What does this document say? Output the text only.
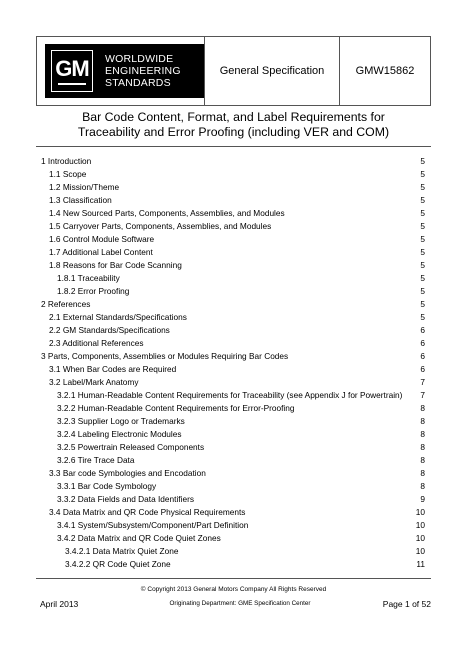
GM WORLDWIDE
ENGINEERING
STANDARDS
General Specification	GMW15862
Bar Code Content, Format, and Label Requirements for
Traceability and Error Proofing (including VER and COM)
1 Introduction	5
1.1 Scope	5
1.2 Mission/Theme	5
1.3 Classification	5
1.4 New Sourced Parts, Components, Assemblies, and Modules	5
1.5 Carryover Parts, Components, Assemblies, and Modules	5
1.6 Control Module Software	5
1.7 Additional Label Content	5
1.8 Reasons for Bar Code Scanning	5
1.8.1 Traceability	5
1.8.2 Error Proofing	5
2 References	5
2.1 External Standards/Specifications	5
2.2 GM Standards/Specifications	6
2.3 Additional References	6
3 Parts, Components, Assemblies or Modules Requiring Bar Codes	6
3.1 When Bar Codes are Required	6
3.2 Label/Mark Anatomy	7
3.2.1 Human-Readable Content Requirements for Traceability (see Appendix J for Powertrain) 7
3.2.2 Human-Readable Content Requirements for Error-Proofing	8
3.2.3 Supplier Logo or Trademarks	8
3.2.4 Labeling Electronic Modules	8
3.2.5 Powertrain Released Components	8
3.2.6 Tire Trace Data	8
3.3 Bar code Symbologies and Encodation	8
3.3.1 Bar Code Symbology	8
3.3.2 Data Fields and Data Identifiers	9
3.4 Data Matrix and QR Code Physical Requirements	10
3.4.1 System/Subsystem/Component/Part Definition	10
3.4.2 Data Matrix and QR Code Quiet Zones	10
3.4.2.1 Data Matrix Quiet Zone	10
3.4.2.2 QR Code Quiet Zone	11
© Copyright 2013 General Motors Company All Rights Reserved
April 2013	Originating Department: GME Specification Center	Page 1 of 52
